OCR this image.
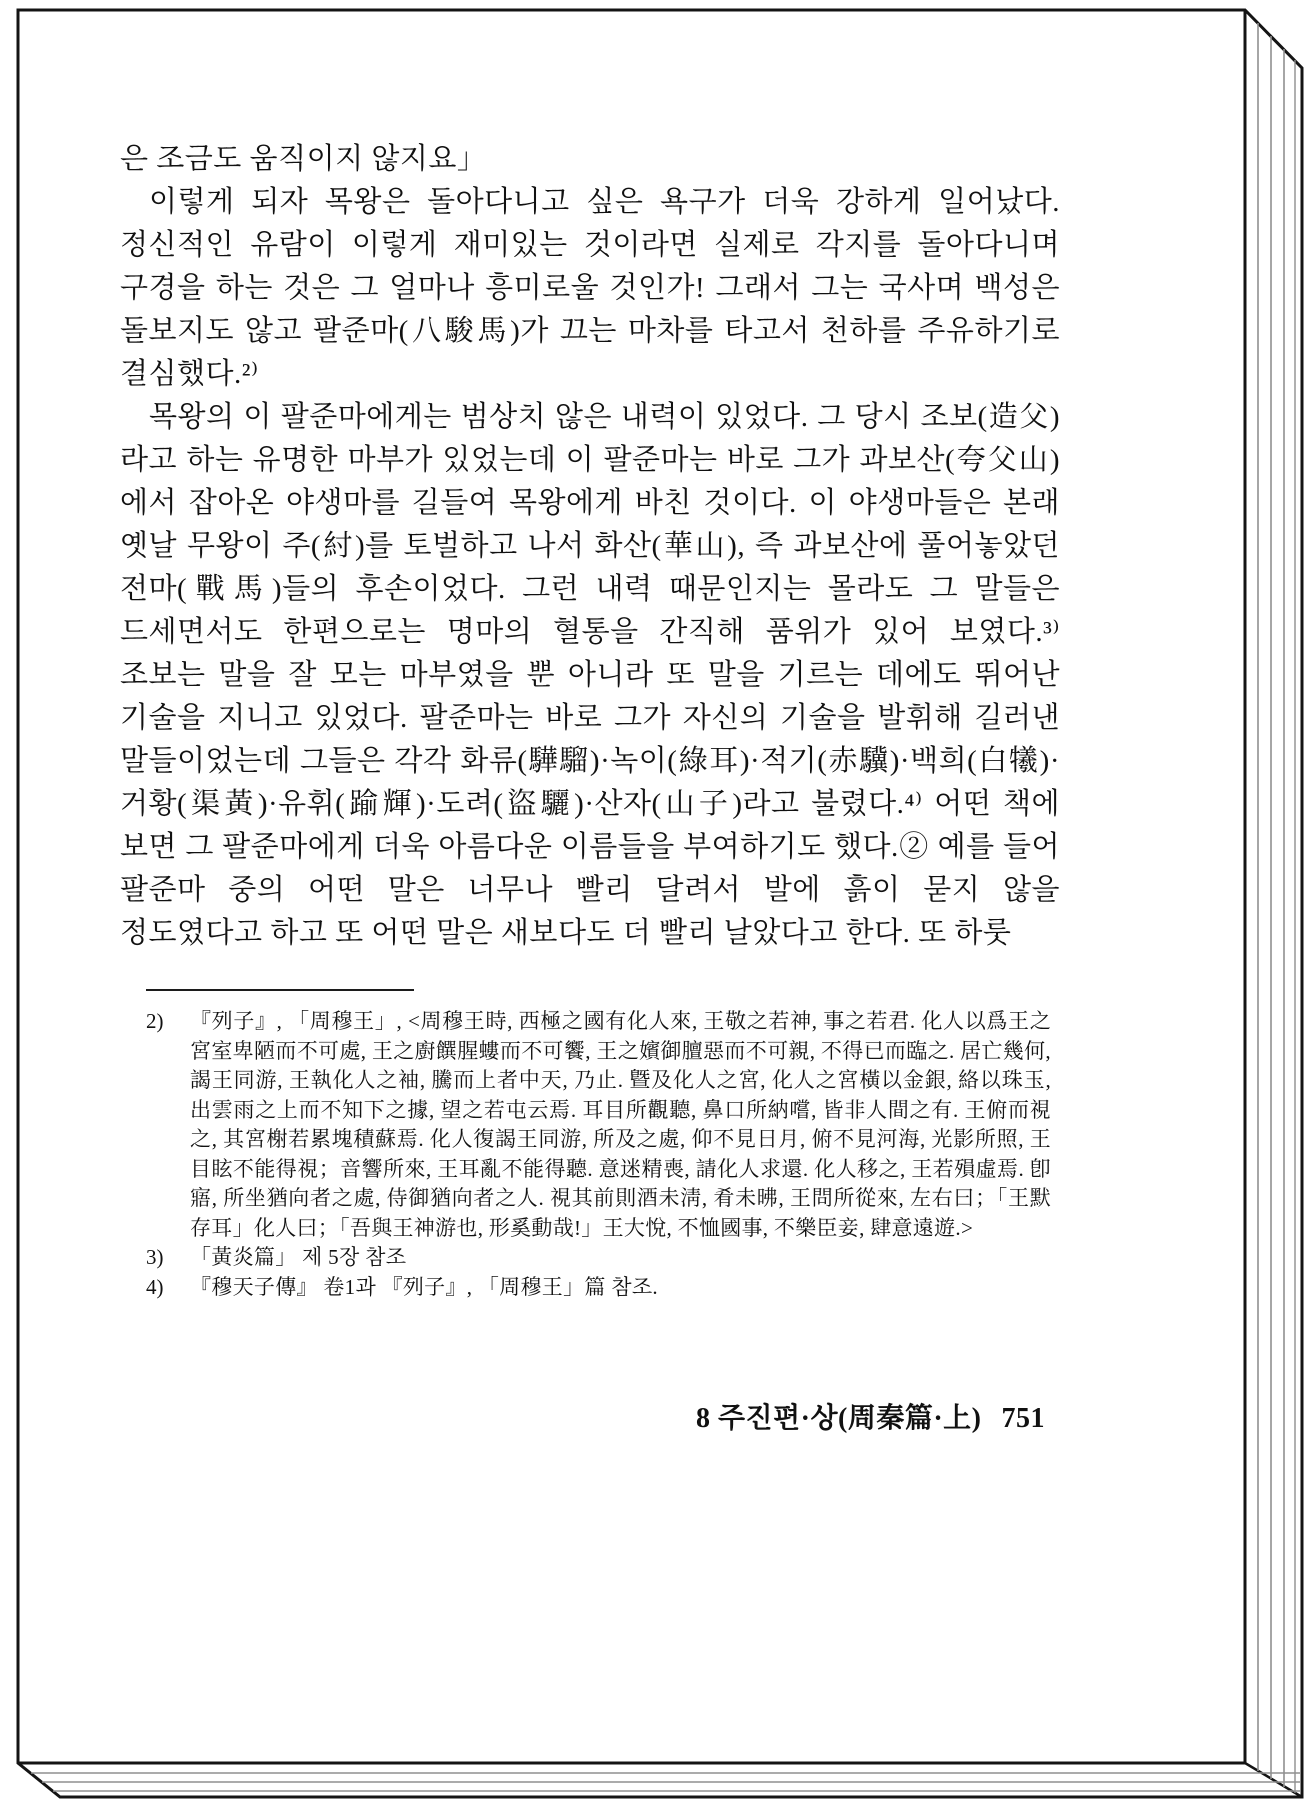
은 조금도 움직이지 않지요」

이렇게 되자 목왕은 돌아다니고 싶은 욕구가 더욱 강하게 일어났다. 정신적인 유람이 이렇게 재미있는 것이라면 실제로 각지를 돌아다니며 구경을 하는 것은 그 얼마나 흥미로울 것인가! 그래서 그는 국사며 백성은 돌보지도 않고 팔준마(八駿馬)가 끄는 마차를 타고서 천하를 주유하기로 결심했다.²⁾

목왕의 이 팔준마에게는 범상치 않은 내력이 있었다. 그 당시 조보(造父)라고 하는 유명한 마부가 있었는데 이 팔준마는 바로 그가 과보산(夸父山)에서 잡아온 야생마를 길들여 목왕에게 바친 것이다. 이 야생마들은 본래 옛날 무왕이 주(紂)를 토벌하고 나서 화산(華山), 즉 과보산에 풀어놓았던 전마(戰馬)들의 후손이었다. 그런 내력 때문인지는 몰라도 그 말들은 드세면서도 한편으로는 명마의 혈통을 간직해 품위가 있어 보였다.³⁾ 조보는 말을 잘 모는 마부였을 뿐 아니라 또 말을 기르는 데에도 뛰어난 기술을 지니고 있었다. 팔준마는 바로 그가 자신의 기술을 발휘해 길러낸 말들이었는데 그들은 각각 화류(驊騮)·녹이(綠耳)·적기(赤驥)·백희(白犧)·거황(渠黃)·유휘(踰輝)·도려(盜驪)·산자(山子)라고 불렸다.⁴⁾ 어떤 책에 보면 그 팔준마에게 더욱 아름다운 이름들을 부여하기도 했다.② 예를 들어 팔준마 중의 어떤 말은 너무나 빨리 달려서 발에 흙이 묻지 않을 정도였다고 하고 또 어떤 말은 새보다도 더 빨리 날았다고 한다. 또 하룻

2)	『列子』, 「周穆王」, <周穆王時, 西極之國有化人來, 王敬之若神, 事之若君. 化人以爲王之宮室卑陋而不可處, 王之廚饌腥螻而不可饗, 王之嬪御膻惡而不可親, 不得已而臨之. 居亡幾何, 謁王同游, 王執化人之袖, 騰而上者中天, 乃止. 曁及化人之宮, 化人之宮橫以金銀, 絡以珠玉, 出雲雨之上而不知下之據, 望之若屯云焉. 耳目所觀聽, 鼻口所納嚐, 皆非人間之有. 王俯而視之, 其宮榭若累塊積蘇焉. 化人復謁王同游, 所及之處, 仰不見日月, 俯不見河海, 光影所照, 王目眩不能得視；音響所來, 王耳亂不能得聽. 意迷精喪, 請化人求還. 化人移之, 王若殞虛焉. 卽寤, 所坐猶向者之處, 侍御猶向者之人. 視其前則酒未淸, 肴未昲, 王問所從來, 左右曰；「王默存耳」化人曰；「吾與王神游也, 形奚動哉!」王大悅, 不恤國事, 不樂臣妾, 肆意遠遊.>
3)	「黃炎篇」 제 5장 참조
4)	『穆天子傳』 卷1과 『列子』, 「周穆王」篇 참조.
8 주진편·상(周秦篇·上) 751
